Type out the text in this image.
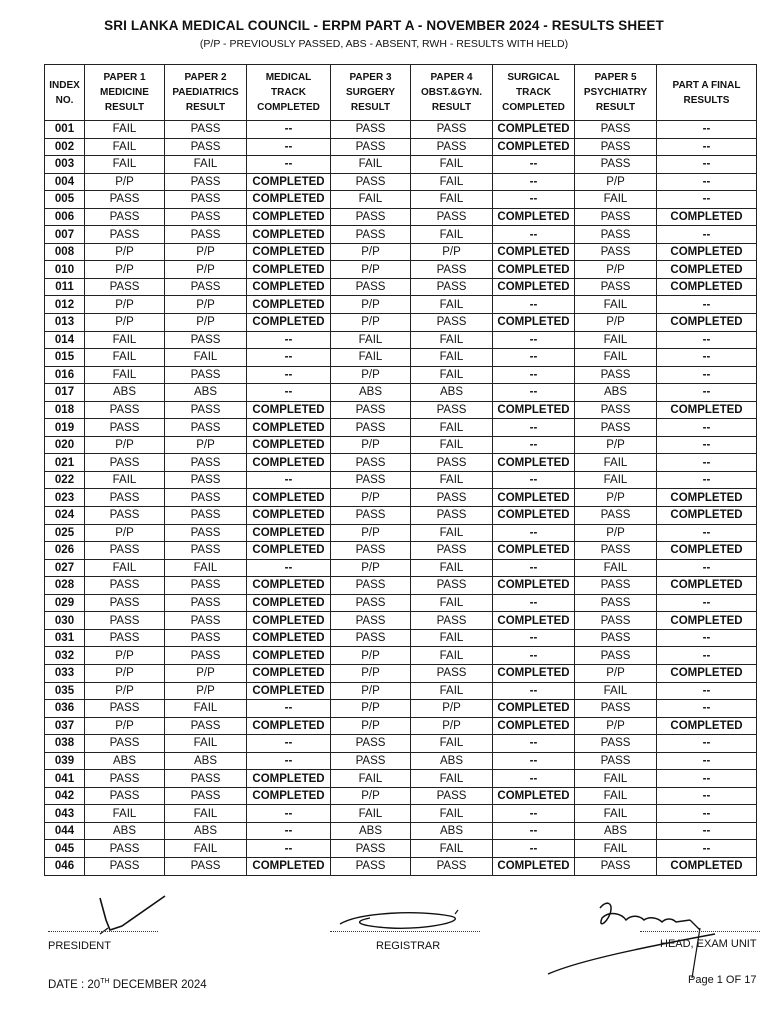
SRI LANKA MEDICAL COUNCIL - ERPM PART A - NOVEMBER 2024 - RESULTS SHEET
(P/P - PREVIOUSLY PASSED, ABS - ABSENT, RWH - RESULTS WITH HELD)
INDEX NO.	PAPER 1 MEDICINE RESULT	PAPER 2 PAEDIATRICS RESULT	MEDICAL TRACK COMPLETED	PAPER 3 SURGERY RESULT	PAPER 4 OBST.&GYN. RESULT	SURGICAL TRACK COMPLETED	PAPER 5 PSYCHIATRY RESULT	PART A FINAL RESULTS
001	FAIL	PASS	--	PASS	PASS	COMPLETED	PASS	--
002	FAIL	PASS	--	PASS	PASS	COMPLETED	PASS	--
003	FAIL	FAIL	--	FAIL	FAIL	--	PASS	--
004	P/P	PASS	COMPLETED	PASS	FAIL	--	P/P	--
005	PASS	PASS	COMPLETED	FAIL	FAIL	--	FAIL	--
006	PASS	PASS	COMPLETED	PASS	PASS	COMPLETED	PASS	COMPLETED
007	PASS	PASS	COMPLETED	PASS	FAIL	--	PASS	--
008	P/P	P/P	COMPLETED	P/P	P/P	COMPLETED	PASS	COMPLETED
010	P/P	P/P	COMPLETED	P/P	PASS	COMPLETED	P/P	COMPLETED
011	PASS	PASS	COMPLETED	PASS	PASS	COMPLETED	PASS	COMPLETED
012	P/P	P/P	COMPLETED	P/P	FAIL	--	FAIL	--
013	P/P	P/P	COMPLETED	P/P	PASS	COMPLETED	P/P	COMPLETED
014	FAIL	PASS	--	FAIL	FAIL	--	FAIL	--
015	FAIL	FAIL	--	FAIL	FAIL	--	FAIL	--
016	FAIL	PASS	--	P/P	FAIL	--	PASS	--
017	ABS	ABS	--	ABS	ABS	--	ABS	--
018	PASS	PASS	COMPLETED	PASS	PASS	COMPLETED	PASS	COMPLETED
019	PASS	PASS	COMPLETED	PASS	FAIL	--	PASS	--
020	P/P	P/P	COMPLETED	P/P	FAIL	--	P/P	--
021	PASS	PASS	COMPLETED	PASS	PASS	COMPLETED	FAIL	--
022	FAIL	PASS	--	PASS	FAIL	--	FAIL	--
023	PASS	PASS	COMPLETED	P/P	PASS	COMPLETED	P/P	COMPLETED
024	PASS	PASS	COMPLETED	PASS	PASS	COMPLETED	PASS	COMPLETED
025	P/P	PASS	COMPLETED	P/P	FAIL	--	P/P	--
026	PASS	PASS	COMPLETED	PASS	PASS	COMPLETED	PASS	COMPLETED
027	FAIL	FAIL	--	P/P	FAIL	--	FAIL	--
028	PASS	PASS	COMPLETED	PASS	PASS	COMPLETED	PASS	COMPLETED
029	PASS	PASS	COMPLETED	PASS	FAIL	--	PASS	--
030	PASS	PASS	COMPLETED	PASS	PASS	COMPLETED	PASS	COMPLETED
031	PASS	PASS	COMPLETED	PASS	FAIL	--	PASS	--
032	P/P	PASS	COMPLETED	P/P	FAIL	--	PASS	--
033	P/P	P/P	COMPLETED	P/P	PASS	COMPLETED	P/P	COMPLETED
035	P/P	P/P	COMPLETED	P/P	FAIL	--	FAIL	--
036	PASS	FAIL	--	P/P	P/P	COMPLETED	PASS	--
037	P/P	PASS	COMPLETED	P/P	P/P	COMPLETED	P/P	COMPLETED
038	PASS	FAIL	--	PASS	FAIL	--	PASS	--
039	ABS	ABS	--	PASS	ABS	--	PASS	--
041	PASS	PASS	COMPLETED	FAIL	FAIL	--	FAIL	--
042	PASS	PASS	COMPLETED	P/P	PASS	COMPLETED	FAIL	--
043	FAIL	FAIL	--	FAIL	FAIL	--	FAIL	--
044	ABS	ABS	--	ABS	ABS	--	ABS	--
045	PASS	FAIL	--	PASS	FAIL	--	FAIL	--
046	PASS	PASS	COMPLETED	PASS	PASS	COMPLETED	PASS	COMPLETED
PRESIDENT	REGISTRAR	HEAD, EXAM UNIT
DATE : 20TH DECEMBER 2024	Page 1 OF 17
